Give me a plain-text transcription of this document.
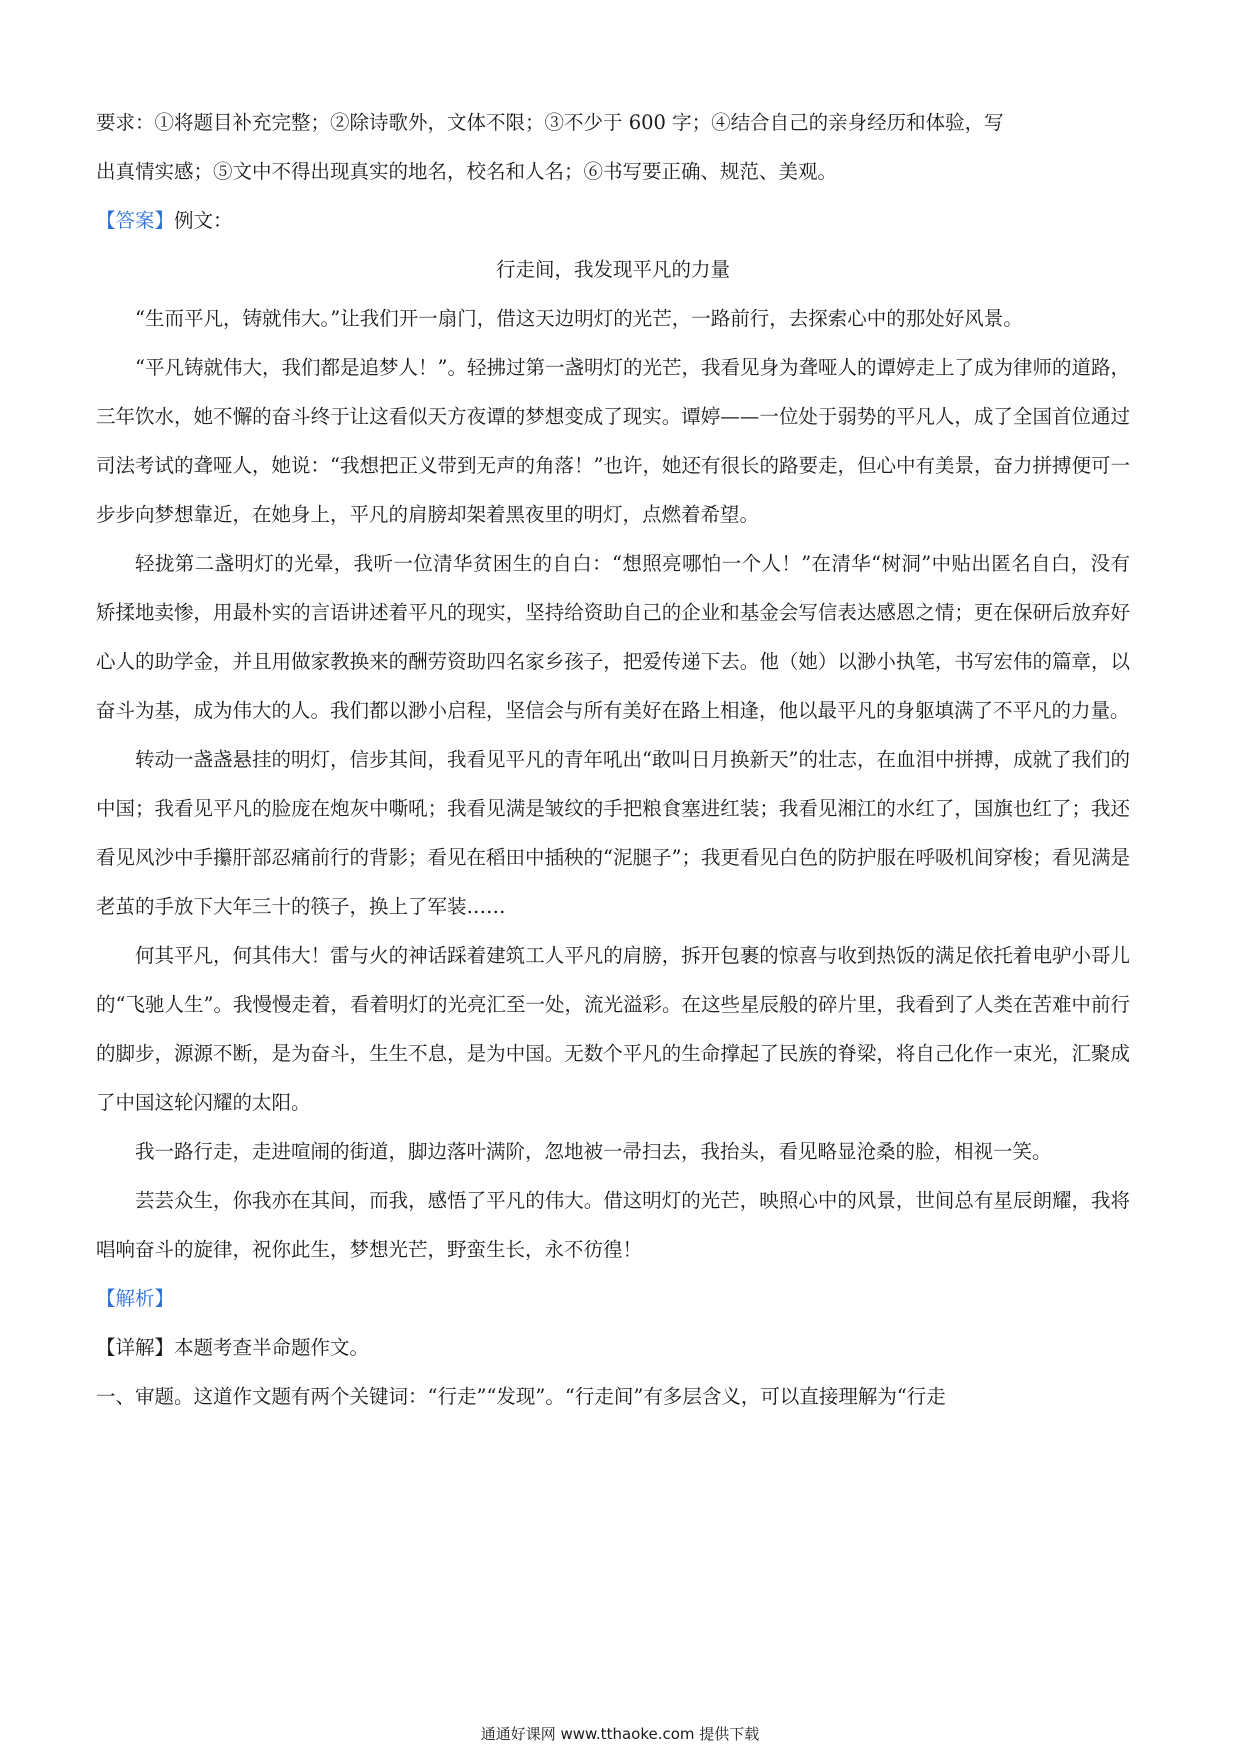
要求：①将题目补充完整；②除诗歌外，文体不限；③不少于 600 字；④结合自己的亲身经历和体验，写

出真情实感；⑤文中不得出现真实的地名，校名和人名；⑥书写要正确、规范、美观。

【答案】例文：

行走间，我发现平凡的力量

“生而平凡，铸就伟大。”让我们开一扇门，借这天边明灯的光芒，一路前行，去探索心中的那处好风景。

“平凡铸就伟大，我们都是追梦人！”。轻拂过第一盏明灯的光芒，我看见身为聋哑人的谭婷走上了成为律师的道路，三年饮水，她不懈的奋斗终于让这看似天方夜谭的梦想变成了现实。谭婷——一位处于弱势的平凡人，成了全国首位通过司法考试的聋哑人，她说：“我想把正义带到无声的角落！”也许，她还有很长的路要走，但心中有美景，奋力拼搏便可一步步向梦想靠近，在她身上，平凡的肩膀却架着黑夜里的明灯，点燃着希望。

轻拢第二盏明灯的光晕，我听一位清华贫困生的自白：“想照亮哪怕一个人！”在清华“树洞”中贴出匿名自白，没有矫揉地卖惨，用最朴实的言语讲述着平凡的现实，坚持给资助自己的企业和基金会写信表达感恩之情；更在保研后放弃好心人的助学金，并且用做家教换来的酬劳资助四名家乡孩子，把爱传递下去。他（她）以渺小执笔，书写宏伟的篇章，以奋斗为基，成为伟大的人。我们都以渺小启程，坚信会与所有美好在路上相逢，他以最平凡的身躯填满了不平凡的力量。

转动一盏盏悬挂的明灯，信步其间，我看见平凡的青年吼出“敢叫日月换新天”的壮志，在血泪中拼搏，成就了我们的中国；我看见平凡的脸庞在炮灰中嘶吼；我看见满是皱纹的手把粮食塞进红装；我看见湘江的水红了，国旗也红了；我还看见风沙中手攥肝部忍痛前行的背影；看见在稻田中插秧的“泥腿子”；我更看见白色的防护服在呼吸机间穿梭；看见满是老茧的手放下大年三十的筷子，换上了军装……

何其平凡，何其伟大！雷与火的神话踩着建筑工人平凡的肩膀，拆开包裹的惊喜与收到热饭的满足依托着电驴小哥儿的“飞驰人生”。我慢慢走着，看着明灯的光亮汇至一处，流光溢彩。在这些星辰般的碎片里，我看到了人类在苦难中前行的脚步，源源不断，是为奋斗，生生不息，是为中国。无数个平凡的生命撑起了民族的脊梁，将自己化作一束光，汇聚成了中国这轮闪耀的太阳。

我一路行走，走进喧闹的街道，脚边落叶满阶，忽地被一帚扫去，我抬头，看见略显沧桑的脸，相视一笑。

芸芸众生，你我亦在其间，而我，感悟了平凡的伟大。借这明灯的光芒，映照心中的风景，世间总有星辰朗耀，我将唱响奋斗的旋律，祝你此生，梦想光芒，野蛮生长，永不彷徨！

【解析】

【详解】本题考查半命题作文。

一、审题。这道作文题有两个关键词：“行走”“发现”。“行走间”有多层含义，可以直接理解为“行走

通通好课网 www.tthaoke.com 提供下载
